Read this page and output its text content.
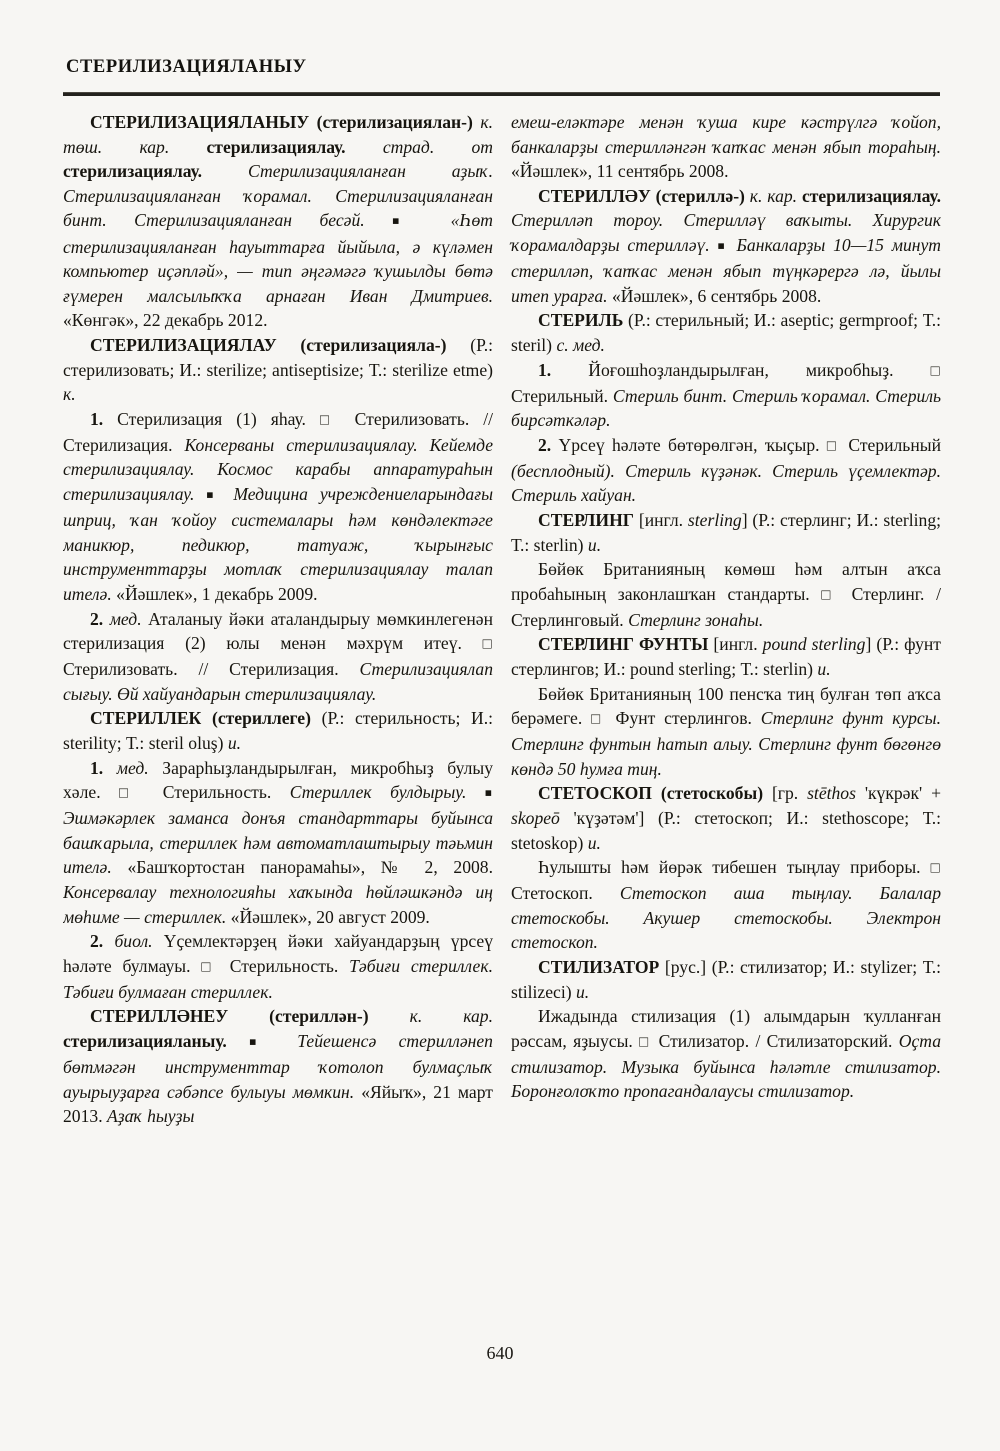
СТЕРИЛИЗАЦИЯЛАНЫУ

СТЕРИЛИЗАЦИЯЛАНЫУ (стерилизациялан-) к. төш. кар. стерилизациялау. страд. от стерилизациялау. Стерилизацияланған аҙыҡ. Стерилизацияланған ҡорамал. Стерилизацияланған бинт. Стерилизацияланған бесәй. ■ «Һөт стерилизацияланған һауыттарға йыйыла, ә күләмен компьютер иҫәпләй», — тип әңгәмәгә ҡушылды бөтә ғүмерен малсылыҡҡа арнаған Иван Дмитриев. «Көнгәк», 22 декабрь 2012.

СТЕРИЛИЗАЦИЯЛАУ (стерилизацияла-) (Р.: стерилизовать; И.: sterilize; antiseptisize; Т.: sterilize etme) к.

1. Стерилизация (1) яһау. □ Стерилизовать. // Стерилизация. Консерваны стерилизациялау. Кейемде стерилизациялау. Космос карабы аппаратураһын стерилизациялау. ■ Медицина учреждениеларындағы шприц, ҡан ҡойоу системалары һәм көндәлектәге маникюр, педикюр, татуаж, ҡырынғыс инструменттарҙы мотлаҡ стерилизациялау талап ителә. «Йәшлек», 1 декабрь 2009.

2. мед. Аталаныу йәки аталандырыу мөмкинлегенән стерилизация (2) юлы менән мәхрүм итеү. □ Стерилизовать. // Стерилизация. Стерилизациялап сығыу. Өй хайуандарын стерилизациялау.

СТЕРИЛЛЕК (стериллеге) (Р.: стерильность; И.: sterility; Т.: steril oluş) и.

1. мед. Зарарһыҙландырылған, микробһыҙ булыу хәле. □ Стерильность. Стериллек булдырыу. ■ Эшмәкәрлек заманса донъя стандарттары буйынса башҡарыла, стериллек һәм автоматлаштырыу тәьмин ителә. «Башҡортостан панорамаһы», № 2, 2008. Консервалау технологияһы хаҡында һөйләшкәндә иң мөһиме — стериллек. «Йәшлек», 20 август 2009.

2. биол. Үҫемлектәрҙең йәки хайуандарҙың үрсеү һәләте булмауы. □ Стерильность. Тәбиғи стериллек. Тәбиғи булмаған стериллек.

СТЕРИЛЛӘНЕУ (стериллән-) к. кар. стерилизацияланыу. ■ Тейешенсә стерилләнеп бөтмәгән инструменттар ҡотолоп булмаҫлыҡ ауырыуҙарға сәбәпсе булыуы мөмкин. «Яйыҡ», 21 март 2013. Аҙаҡ һыуҙы

емеш-еләктәре менән ҡуша кире кәстрүлгә ҡойоп, банкаларҙы стерилләнгән ҡапҡас менән ябып тораһың. «Йәшлек», 11 сентябрь 2008.

СТЕРИЛЛӘУ (стериллә-) к. кар. стерилизациялау. Стерилләп тороу. Стерилләү ваҡыты. Хирургик ҡорамалдарҙы стерилләү. ■ Банкаларҙы 10—15 минут стерилләп, ҡапҡас менән ябып түңкәрергә лә, йылы итеп урарға. «Йәшлек», 6 сентябрь 2008.

СТЕРИЛЬ (Р.: стерильный; И.: aseptic; germproof; Т.: steril) с. мед.

1. Йоғошһоҙландырылған, микробһыҙ. □ Стерильный. Стериль бинт. Стериль ҡорамал. Стериль бирсәткәләр.

2. Үрсеү һәләте бөтөрөлгән, ҡыҫыр. □ Стерильный (бесплодный). Стериль күҙәнәк. Стериль үҫемлектәр. Стериль хайуан.

СТЕРЛИНГ [ингл. sterling] (Р.: стерлинг; И.: sterling; Т.: sterlin) и.

Бөйөк Британияның көмөш һәм алтын аҡса пробаһының законлашҡан стандарты. □ Стерлинг. / Стерлинговый. Стерлинг зонаһы.

СТЕРЛИНГ ФУНТЫ [ингл. pound sterling] (Р.: фунт стерлингов; И.: pound sterling; Т.: sterlin) и.

Бөйөк Британияның 100 пенсҡа тиң булған төп аҡса берәмеге. □ Фунт стерлингов. Стерлинг фунт курсы. Стерлинг фунтын һатып алыу. Стерлинг фунт бөгөнгө көндә 50 һумға тиң.

СТЕТОСКОП (стетоскобы) [гр. stēthos 'күкрәк' + skopeō 'күҙәтәм'] (Р.: стетоскоп; И.: stethoscope; Т.: stetoskop) и.

Һулышты һәм йөрәк тибешен тыңлау приборы. □ Стетоскоп. Стетоскоп аша тыңлау. Балалар стетоскобы. Акушер стетоскобы. Электрон стетоскоп.

СТИЛИЗАТОР [рус.] (Р.: стилизатор; И.: stylizer; Т.: stilizeci) и.

Ижадында стилизация (1) алымдарын ҡулланған рәссам, яҙыусы. □ Стилизатор. / Стилизаторский. Оҫта стилизатор. Музыка буйынса һәләтле стилизатор. Боронғолоҡто пропагандалаусы стилизатор.

640
